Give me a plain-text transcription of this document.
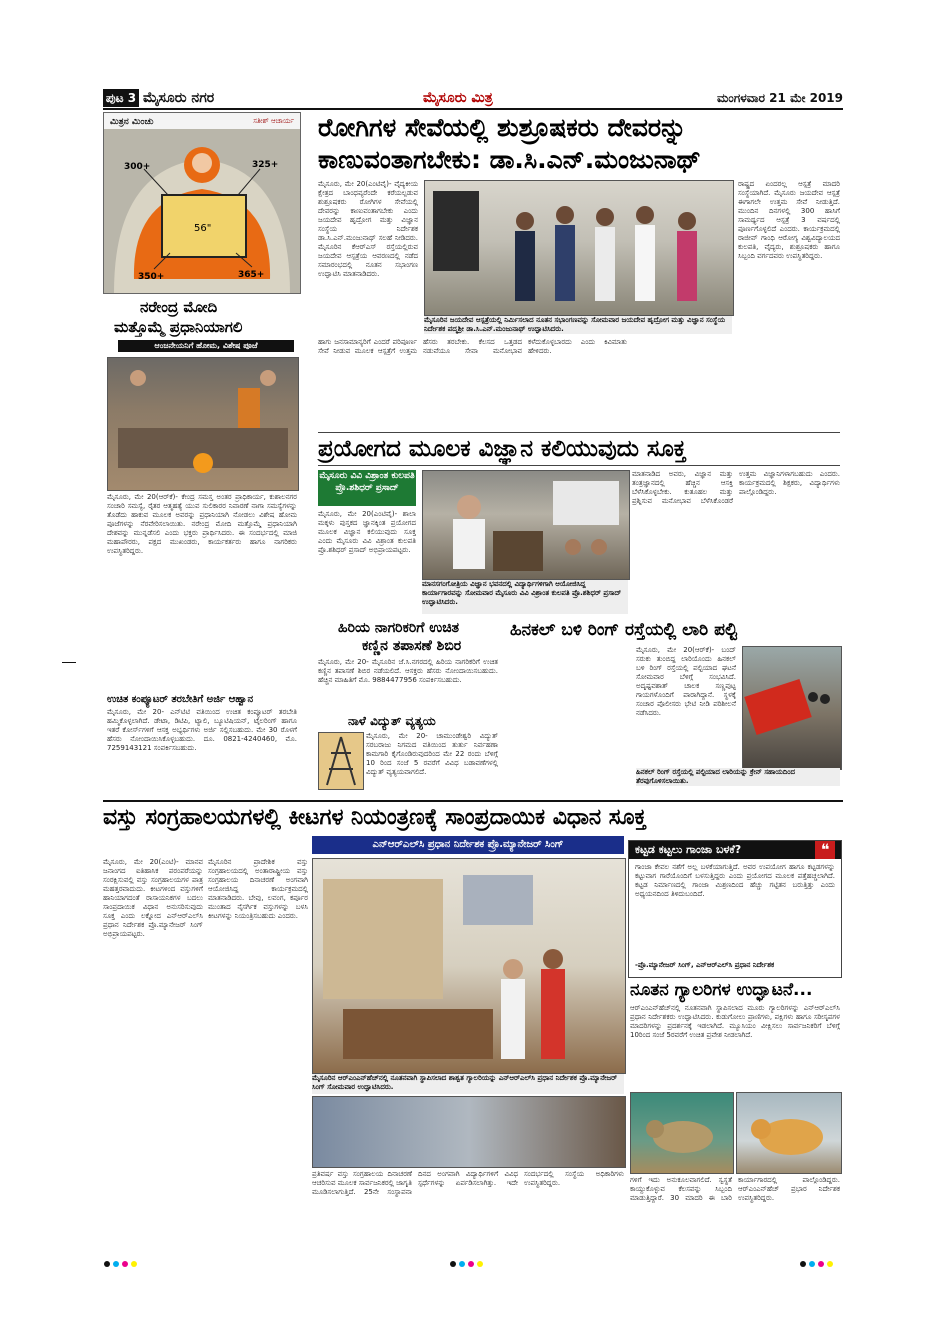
ಪುಟ 3 ಮೈಸೂರು ನಗರ	ಮೈಸೂರು ಮಿತ್ರ	ಮಂಗಳವಾರ 21 ಮೇ 2019
ಮಿತ್ರನ ಮಿಂಚು	ಸತೀಶ್ ಆಚಾರ್ಯ
56"
300+	325+
350+	365+
ನರೇಂದ್ರ ಮೋದಿ
ಮತ್ತೊಮ್ಮೆ ಪ್ರಧಾನಿಯಾಗಲಿ
ಆಂಜನೇಯನಿಗೆ ಹೋಮ, ವಿಶೇಷ ಪೂಜೆ
ಮೈಸೂರು, ಮೇ 20(ಆರ್‌ಕೆ)- ಕೇಂದ್ರ ಸಮಸ್ತ ಅಂತರ ಪ್ರಾಧಿಕಾರ್ಯ, ಕುಶಾಲನಗರ ಸಂಚಾರಿ ಸಮಸ್ಯೆ, ರೈತರ ಆತ್ಮಹತ್ಯೆ ಯುವ ಸುಲಿಕಾರರ ನಿವಾರಣೆ ನಾಗಾ ಸಮಸ್ಯೆಗಳನ್ನು ತೊಡೆದು ಹಾಕುವ ಮೂಲಕ ಅವರನ್ನು ಪ್ರಧಾನಿಯಾಗಿ ನೋಡಲು ವಿಶೇಷ ಹೋಮ ಪೂಜೆಗಳನ್ನು ನೆರವೇರಿಸಲಾಯಿತು. ನರೇಂದ್ರ ಮೋದಿ ಮತ್ತೊಮ್ಮೆ ಪ್ರಧಾನಿಯಾಗಿ ದೇಶವನ್ನು ಮುನ್ನಡೆಸಲಿ ಎಂದು ಭಕ್ತರು ಪ್ರಾರ್ಥಿಸಿದರು. ಈ ಸಂದರ್ಭದಲ್ಲಿ ಮಾಜಿ ಮಹಾಪೌರರು, ಪಕ್ಷದ ಮುಖಂಡರು, ಕಾರ್ಯಕರ್ತರು ಹಾಗೂ ನಾಗರಿಕರು ಉಪಸ್ಥಿತರಿದ್ದರು.
ಉಚಿತ ಕಂಪ್ಯೂಟರ್ ತರಬೇತಿಗೆ ಅರ್ಜಿ ಆಹ್ವಾನ
ಮೈಸೂರು, ಮೇ 20- ಎನ್‌ಟಿಟಿ ವತಿಯಿಂದ ಉಚಿತ ಕಂಪ್ಯೂಟರ್ ತರಬೇತಿ ಹಮ್ಮಿಕೊಳ್ಳಲಾಗಿದೆ. ಡೇಟಾ, ಡಿಟಿಪಿ, ಟ್ಯಾಲಿ, ಬ್ಯೂಟಿಷಿಯನ್, ಟೈಲರಿಂಗ್ ಹಾಗೂ ಇತರೆ ಕೋರ್ಸ್‌ಗಳಿಗೆ ಆಸಕ್ತ ಅಭ್ಯರ್ಥಿಗಳು ಅರ್ಜಿ ಸಲ್ಲಿಸಬಹುದು. ಮೇ 30 ರೊಳಗೆ ಹೆಸರು ನೋಂದಾಯಿಸಿಕೊಳ್ಳಬಹುದು. ದೂ. 0821-4240460, ಮೊ. 7259143121 ಸಂಪರ್ಕಿಸಬಹುದು.
ರೋಗಿಗಳ ಸೇವೆಯಲ್ಲಿ ಶುಶ್ರೂಷಕರು ದೇವರನ್ನು
ಕಾಣುವಂತಾಗಬೇಕು: ಡಾ.ಸಿ.ಎನ್.ಮಂಜುನಾಥ್
ಮೈಸೂರು, ಮೇ 20(ಎಂಟಿವೈ)- ವೈದ್ಯಕೀಯ ಕ್ಷೇತ್ರದ ಬಾಂಧವ್ಯರೆಂದೇ ಕರೆಯಲ್ಪಡುವ ಶುಶ್ರೂಷಕರು ರೋಗಿಗಳ ಸೇವೆಯಲ್ಲಿ ದೇವರನ್ನು ಕಾಣುವಂತಾಗಬೇಕು ಎಂದು ಜಯದೇವ ಹೃದ್ರೋಗ ಮತ್ತು ವಿಜ್ಞಾನ ಸಂಸ್ಥೆಯ ನಿರ್ದೇಶಕ ಡಾ.ಸಿ.ಎನ್.ಮಂಜುನಾಥ್ ಸಲಹೆ ನೀಡಿದರು. ಮೈಸೂರಿನ ಕೆಆರ್‌ಎಸ್ ರಸ್ತೆಯಲ್ಲಿರುವ ಜಯದೇವ ಆಸ್ಪತ್ರೆಯ ಆವರಣದಲ್ಲಿ ನಡೆದ ಸಮಾರಂಭದಲ್ಲಿ ನೂತನ ಸಭಾಂಗಣ ಉದ್ಘಾಟಿಸಿ ಮಾತನಾಡಿದರು.
ಮೈಸೂರಿನ ಜಯದೇವ ಆಸ್ಪತ್ರೆಯಲ್ಲಿ ನಿರ್ಮಿಸಲಾದ ನೂತನ ಸಭಾಂಗಣವನ್ನು ಸೋಮವಾರ ಜಯದೇವ ಹೃದ್ರೋಗ ಮತ್ತು ವಿಜ್ಞಾನ ಸಂಸ್ಥೆಯ ನಿರ್ದೇಶಕ ಪದ್ಮಶ್ರೀ ಡಾ.ಸಿ.ಎನ್.ಮಂಜುನಾಥ್ ಉದ್ಘಾಟಿಸಿದರು.
ರಾಷ್ಟ್ರದ ಏಂದರಲ್ಲ ಆಸ್ಪತ್ರೆ ಮಾದರಿ ಸಂಸ್ಥೆಯಾಗಿದೆ. ಮೈಸೂರು ಜಯದೇವ ಆಸ್ಪತ್ರೆ ಈಗಾಗಲೇ ಉತ್ತಮ ಸೇವೆ ನೀಡುತ್ತಿದೆ. ಮುಂದಿನ ದಿನಗಳಲ್ಲಿ 300 ಹಾಸಿಗೆ ಸಾಮರ್ಥ್ಯದ ಆಸ್ಪತ್ರೆ 3 ವರ್ಷದಲ್ಲಿ ಪೂರ್ಣಗೊಳ್ಳಲಿದೆ ಎಂದರು. ಕಾರ್ಯಕ್ರಮದಲ್ಲಿ ರಾಜೀವ್ ಗಾಂಧಿ ಆರೋಗ್ಯ ವಿಶ್ವವಿದ್ಯಾಲಯದ ಕುಲಪತಿ, ವೈದ್ಯರು, ಶುಶ್ರೂಷಕರು ಹಾಗೂ ಸಿಬ್ಬಂದಿ ವರ್ಗದವರು ಉಪಸ್ಥಿತರಿದ್ದರು.
ಹಾಗು ಜನಸಾಮಾನ್ಯರಿಗೆ ಎಂದರೆ ಪರಿಪೂರ್ಣ ಸೇವೆ ನೀಡುವ ಮೂಲಕ ಆಸ್ಪತ್ರೆಗೆ ಉತ್ತಮ ಹೆಸರು ತರಬೇಕು. ಕೆಲಸದ ಒತ್ತಡದ ನಡುವೆಯೂ ಸೇವಾ ಮನೋಭಾವ ಕಳೆದುಕೊಳ್ಳಬಾರದು ಎಂದು ಕಿವಿಮಾತು ಹೇಳಿದರು.
ಪ್ರಯೋಗದ ಮೂಲಕ ವಿಜ್ಞಾನ ಕಲಿಯುವುದು ಸೂಕ್ತ
ಮೈಸೂರು ವಿವಿ ವಿಶ್ರಾಂತ ಕುಲಪತಿ ಪ್ರೊ.ಶಶಿಧರ್ ಪ್ರಸಾದ್
ಮೈಸೂರು, ಮೇ 20(ಎಂಟಿವೈ)- ಶಾಲಾ ಮಕ್ಕಳು ಪುಸ್ತಕದ ಜ್ಞಾನಕ್ಕಿಂತ ಪ್ರಯೋಗದ ಮೂಲಕ ವಿಜ್ಞಾನ ಕಲಿಯುವುದು ಸೂಕ್ತ ಎಂದು ಮೈಸೂರು ವಿವಿ ವಿಶ್ರಾಂತ ಕುಲಪತಿ ಪ್ರೊ.ಶಶಿಧರ್ ಪ್ರಸಾದ್ ಅಭಿಪ್ರಾಯಪಟ್ಟರು.
ಮಾನಸಗಂಗೋತ್ರಿಯ ವಿಜ್ಞಾನ ಭವನದಲ್ಲಿ ವಿದ್ಯಾರ್ಥಿಗಳಿಗಾಗಿ ಆಯೋಜಿಸಿದ್ದ ಕಾರ್ಯಾಗಾರವನ್ನು ಸೋಮವಾರ ಮೈಸೂರು ವಿವಿ ವಿಶ್ರಾಂತ ಕುಲಪತಿ ಪ್ರೊ.ಶಶಿಧರ್ ಪ್ರಸಾದ್ ಉದ್ಘಾಟಿಸಿದರು.
ಮಾತನಾಡಿದ ಅವರು, ವಿಜ್ಞಾನ ಮತ್ತು ತಂತ್ರಜ್ಞಾನದಲ್ಲಿ ಹೆಚ್ಚಿನ ಆಸಕ್ತಿ ಬೆಳೆಸಿಕೊಳ್ಳಬೇಕು. ಕುತೂಹಲ ಮತ್ತು ಪ್ರಶ್ನಿಸುವ ಮನೋಭಾವ ಬೆಳೆಸಿಕೊಂಡರೆ ಉತ್ತಮ ವಿಜ್ಞಾನಿಗಳಾಗಬಹುದು ಎಂದರು. ಕಾರ್ಯಕ್ರಮದಲ್ಲಿ ಶಿಕ್ಷಕರು, ವಿದ್ಯಾರ್ಥಿಗಳು ಪಾಲ್ಗೊಂಡಿದ್ದರು.
ಹಿರಿಯ ನಾಗರಿಕರಿಗೆ ಉಚಿತ
ಕಣ್ಣಿನ ತಪಾಸಣೆ ಶಿಬಿರ
ಮೈಸೂರು, ಮೇ 20- ಮೈಸೂರಿನ ಜೆ.ಸಿ.ನಗರದಲ್ಲಿ ಹಿರಿಯ ನಾಗರಿಕರಿಗೆ ಉಚಿತ ಕಣ್ಣಿನ ತಪಾಸಣೆ ಶಿಬಿರ ನಡೆಯಲಿದೆ. ಆಸಕ್ತರು ಹೆಸರು ನೋಂದಾಯಿಸಬಹುದು. ಹೆಚ್ಚಿನ ಮಾಹಿತಿಗೆ ಮೊ. 9884477956 ಸಂಪರ್ಕಿಸಬಹುದು.
ನಾಳೆ ವಿದ್ಯುತ್ ವ್ಯತ್ಯಯ
ಮೈಸೂರು, ಮೇ 20- ಚಾಮುಂಡೇಶ್ವರಿ ವಿದ್ಯುತ್ ಸರಬರಾಜು ನಿಗಮದ ವತಿಯಿಂದ ತುರ್ತು ನಿರ್ವಹಣಾ ಕಾಮಗಾರಿ ಕೈಗೊಂಡಿರುವುದರಿಂದ ಮೇ 22 ರಂದು ಬೆಳಿಗ್ಗೆ 10 ರಿಂದ ಸಂಜೆ 5 ರವರೆಗೆ ವಿವಿಧ ಬಡಾವಣೆಗಳಲ್ಲಿ ವಿದ್ಯುತ್ ವ್ಯತ್ಯಯವಾಗಲಿದೆ.
ಹಿನಕಲ್ ಬಳಿ ರಿಂಗ್ ರಸ್ತೆಯಲ್ಲಿ ಲಾರಿ ಪಲ್ಟಿ
ಮೈಸೂರು, ಮೇ 20(ಆರ್‌ಕೆ)- ಬಂದ್ ಸರುಕು ತುಂಬಿದ್ದ ಲಾರಿಯೊಂದು ಹಿನಕಲ್ ಬಳಿ ರಿಂಗ್ ರಸ್ತೆಯಲ್ಲಿ ಪಲ್ಟಿಯಾದ ಘಟನೆ ಸೋಮವಾರ ಬೆಳಿಗ್ಗೆ ಸಂಭವಿಸಿದೆ. ಅದೃಷ್ಟವಶಾತ್ ಚಾಲಕ ಸಣ್ಣಪುಟ್ಟ ಗಾಯಗಳೊಂದಿಗೆ ಪಾರಾಗಿದ್ದಾನೆ. ಸ್ಥಳಕ್ಕೆ ಸಂಚಾರ ಪೊಲೀಸರು ಭೇಟಿ ನೀಡಿ ಪರಿಶೀಲನೆ ನಡೆಸಿದರು.
ಹಿನಕಲ್ ರಿಂಗ್ ರಸ್ತೆಯಲ್ಲಿ ಪಲ್ಟಿಯಾದ ಲಾರಿಯನ್ನು ಕ್ರೇನ್ ಸಹಾಯದಿಂದ ತೆರವುಗೊಳಿಸಲಾಯಿತು.
ವಸ್ತು ಸಂಗ್ರಹಾಲಯಗಳಲ್ಲಿ ಕೀಟಗಳ ನಿಯಂತ್ರಣಕ್ಕೆ ಸಾಂಪ್ರದಾಯಿಕ ವಿಧಾನ ಸೂಕ್ತ
ಎನ್‌ಆರ್‌ಎಲ್‌ಸಿ ಪ್ರಧಾನ ನಿರ್ದೇಶಕ ಪ್ರೊ.ಮ್ಯಾನೇಜರ್ ಸಿಂಗ್
ಮೈಸೂರು, ಮೇ 20(ಎಂಟಿ)- ಮಾನವ ಜನಾಂಗದ ಐತಿಹಾಸಿಕ ಪರಂಪರೆಯನ್ನು ಸಂರಕ್ಷಿಸುವಲ್ಲಿ ವಸ್ತು ಸಂಗ್ರಹಾಲಯಗಳ ಪಾತ್ರ ಮಹತ್ತರವಾದುದು. ಕೀಟಗಳಿಂದ ವಸ್ತುಗಳಿಗೆ ಹಾನಿಯಾಗದಂತೆ ರಾಸಾಯನಿಕಗಳ ಬದಲು ಸಾಂಪ್ರದಾಯಿಕ ವಿಧಾನ ಅನುಸರಿಸುವುದು ಸೂಕ್ತ ಎಂದು ಲಕ್ನೋದ ಎನ್‌ಆರ್‌ಎಲ್‌ಸಿ ಪ್ರಧಾನ ನಿರ್ದೇಶಕ ಪ್ರೊ.ಮ್ಯಾನೇಜರ್ ಸಿಂಗ್ ಅಭಿಪ್ರಾಯಪಟ್ಟರು.
ಮೈಸೂರಿನ ಪ್ರಾದೇಶಿಕ ವಸ್ತು ಸಂಗ್ರಹಾಲಯದಲ್ಲಿ ಅಂತಾರಾಷ್ಟ್ರೀಯ ವಸ್ತು ಸಂಗ್ರಹಾಲಯ ದಿನಾಚರಣೆ ಅಂಗವಾಗಿ ಆಯೋಜಿಸಿದ್ದ ಕಾರ್ಯಕ್ರಮದಲ್ಲಿ ಮಾತನಾಡಿದರು. ಬೇವು, ಲವಂಗ, ಕರ್ಪೂರ ಮುಂತಾದ ನೈಸರ್ಗಿಕ ವಸ್ತುಗಳನ್ನು ಬಳಸಿ ಕೀಟಗಳನ್ನು ನಿಯಂತ್ರಿಸಬಹುದು ಎಂದರು.
ಮೈಸೂರಿನ ಆರ್‌ಎಂಎನ್‌ಹೆಚ್‌ನಲ್ಲಿ ನೂತನವಾಗಿ ಸ್ಥಾಪಿಸಲಾದ ಶಾಶ್ವತ ಗ್ಯಾಲರಿಯನ್ನು ಎನ್‌ಆರ್‌ಎಲ್‌ಸಿ ಪ್ರಧಾನ ನಿರ್ದೇಶಕ ಪ್ರೊ.ಮ್ಯಾನೇಜರ್ ಸಿಂಗ್ ಸೋಮವಾರ ಉದ್ಘಾಟಿಸಿದರು.
ಪ್ರತಿವರ್ಷ ವಸ್ತು ಸಂಗ್ರಹಾಲಯ ದಿನಾಚರಣೆ ಆಚರಿಸುವ ಮೂಲಕ ಸಾರ್ವಜನಿಕರಲ್ಲಿ ಜಾಗೃತಿ ಮೂಡಿಸಲಾಗುತ್ತಿದೆ. 25ನೇ ಸಂಸ್ಥಾಪನಾ ದಿನದ ಅಂಗವಾಗಿ ವಿದ್ಯಾರ್ಥಿಗಳಿಗೆ ವಿವಿಧ ಸ್ಪರ್ಧೆಗಳನ್ನು ಏರ್ಪಡಿಸಲಾಗಿತ್ತು. ಇದೇ ಸಂದರ್ಭದಲ್ಲಿ ಸಂಸ್ಥೆಯ ಅಧಿಕಾರಿಗಳು ಉಪಸ್ಥಿತರಿದ್ದರು.
ಕಟ್ಟಡ ಕಟ್ಟಲು ಗಾಂಜಾ ಬಳಕೆ?	❝
ಗಾಂಜಾ ಕೇವಲ ನಶೆಗೆ ಅಲ್ಲ ಬಳಕೆಯಾಗುತ್ತಿದೆ. ಅವರ ಉಪಯೋಗ ಹಾಗೂ ಕಟ್ಟಡಗಳನ್ನು ಕಟ್ಟುವಾಗ ಗಾರೆಯೊಂದಿಗೆ ಬಳಸುತ್ತಿದ್ದರು ಎಂದು ಪ್ರಯೋಗದ ಮೂಲಕ ಪತ್ತೆಹಚ್ಚಲಾಗಿದೆ. ಕಟ್ಟಡ ನಿರ್ಮಾಣದಲ್ಲಿ ಗಾಂಜಾ ಮಿಶ್ರಣದಿಂದ ಹೆಚ್ಚು ಗಟ್ಟಿತನ ಬರುತ್ತಿತ್ತು ಎಂದು ಅಧ್ಯಯನದಿಂದ ತಿಳಿದುಬಂದಿದೆ.
-ಪ್ರೊ.ಮ್ಯಾನೇಜರ್ ಸಿಂಗ್, ಎನ್‌ಆರ್‌ಎಲ್‌ಸಿ ಪ್ರಧಾನ ನಿರ್ದೇಶಕ
ನೂತನ ಗ್ಯಾಲರಿಗಳ ಉದ್ಘಾಟನೆ...
ಆರ್‌ಎಂಎನ್‌ಹೆಚ್‌ನಲ್ಲಿ ನೂತನವಾಗಿ ಸ್ಥಾಪಿಸಲಾದ ಮೂರು ಗ್ಯಾಲರಿಗಳನ್ನು ಎನ್‌ಆರ್‌ಎಲ್‌ಸಿ ಪ್ರಧಾನ ನಿರ್ದೇಶಕರು ಉದ್ಘಾಟಿಸಿದರು. ಕುಡುಗೋಲು ಪ್ರಾಣಿಗಳು, ಪಕ್ಷಿಗಳು ಹಾಗೂ ಸರೀಸೃಪಗಳ ಮಾದರಿಗಳನ್ನು ಪ್ರದರ್ಶನಕ್ಕೆ ಇಡಲಾಗಿದೆ. ಮ್ಯೂಸಿಯಂ ವೀಕ್ಷಿಸಲು ಸಾರ್ವಜನಿಕರಿಗೆ ಬೆಳಿಗ್ಗೆ 10ರಿಂದ ಸಂಜೆ 5ರವರೆಗೆ ಉಚಿತ ಪ್ರವೇಶ ನೀಡಲಾಗಿದೆ.
ಗಳಿಗೆ ಇದು ಅನುಕೂಲವಾಗಲಿದೆ. ಸ್ವಸ್ಥತೆ ಕಾಯ್ದುಕೊಳ್ಳುವ ಕೆಲಸವನ್ನು ಸಿಬ್ಬಂದಿ ಮಾಡುತ್ತಿದ್ದಾರೆ. 30 ಮಾದರಿ ಈ ಬಾರಿ ಕಾರ್ಯಾಗಾರದಲ್ಲಿ ಪಾಲ್ಗೊಂಡಿದ್ದರು. ಆರ್‌ಎಂಎನ್‌ಹೆಚ್ ಪ್ರಭಾರ ನಿರ್ದೇಶಕ ಉಪಸ್ಥಿತರಿದ್ದರು.
